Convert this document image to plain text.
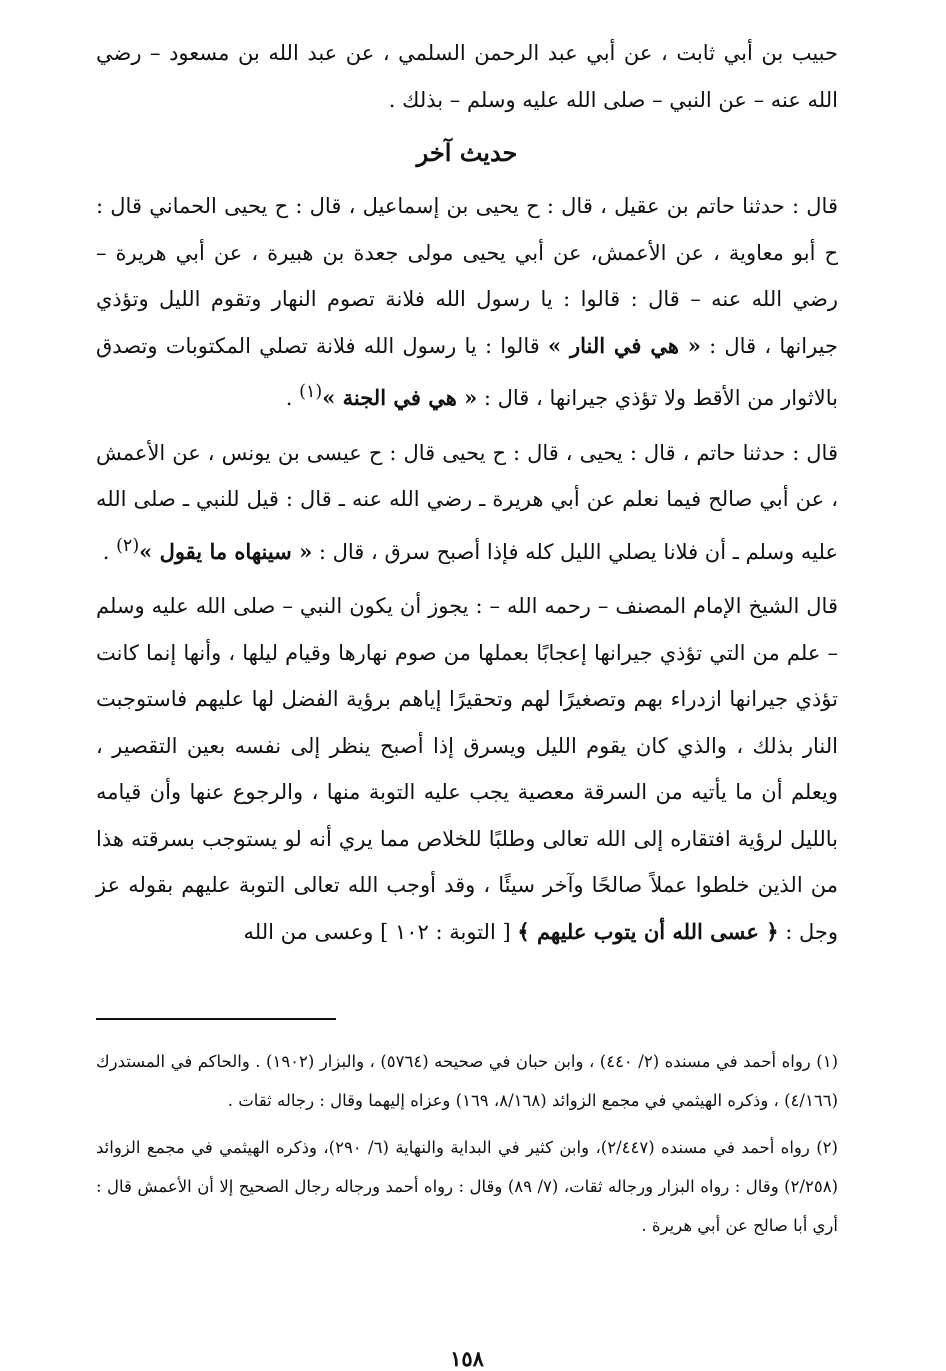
حبيب بن أبي ثابت ، عن أبي عبد الرحمن السلمي ، عن عبد الله بن مسعود – رضي الله عنه – عن النبي – صلى الله عليه وسلم – بذلك .

حديث آخر

قال : حدثنا حاتم بن عقيل ، قال : ح يحيى بن إسماعيل ، قال : ح يحيى الحماني قال : ح أبو معاوية ، عن الأعمش، عن أبي يحيى مولى جعدة بن هبيرة ، عن أبي هريرة – رضي الله عنه – قال : قالوا : يا رسول الله فلانة تصوم النهار وتقوم الليل وتؤذي جيرانها ، قال : « هي في النار » قالوا : يا رسول الله فلانة تصلي المكتوبات وتصدق بالاثوار من الأقط ولا تؤذي جيرانها ، قال : « هي في الجنة »$^{(١)}$ .

قال : حدثنا حاتم ، قال : يحيى ، قال : ح يحيى قال : ح عيسى بن يونس ، عن الأعمش ، عن أبي صالح فيما نعلم عن أبي هريرة ـ رضي الله عنه ـ قال : قيل للنبي ـ صلى الله عليه وسلم ـ أن فلانا يصلي الليل كله فإذا أصبح سرق ، قال : « سينهاه ما يقول »$^{(٢)}$ .

قال الشيخ الإمام المصنف – رحمه الله – : يجوز أن يكون النبي – صلى الله عليه وسلم – علم من التي تؤذي جيرانها إعجابًا بعملها من صوم نهارها وقيام ليلها ، وأنها إنما كانت تؤذي جيرانها ازدراء بهم وتصغيرًا لهم وتحقيرًا إياهم برؤية الفضل لها عليهم فاستوجبت النار بذلك ، والذي كان يقوم الليل ويسرق إذا أصبح ينظر إلى نفسه بعين التقصير ، ويعلم أن ما يأتيه من السرقة معصية يجب عليه التوبة منها ، والرجوع عنها وأن قيامه بالليل لرؤية افتقاره إلى الله تعالى وطلبًا للخلاص مما يري أنه لو يستوجب بسرقته هذا من الذين خلطوا عملاً صالحًا وآخر سيئًا ، وقد أوجب الله تعالى التوبة عليهم بقوله عز وجل : ﴿ عسى الله أن يتوب عليهم ﴾ [ التوبة : ١٠٢ ] وعسى من الله

(١) رواه أحمد في مسنده (٢/ ٤٤٠) ، وابن حبان في صحيحه (٥٧٦٤) ، والبزار (١٩٠٢) . والحاكم في المستدرك (٤/١٦٦) ، وذكره الهيثمي في مجمع الزوائد (٨/١٦٨، ١٦٩) وعزاه إليهما وقال : رجاله ثقات .

(٢) رواه أحمد في مسنده (٢/٤٤٧)، وابن كثير في البداية والنهاية (٦/ ٢٩٠)، وذكره الهيثمي في مجمع الزوائد (٢/٢٥٨) وقال : رواه البزار ورجاله ثقات، (٧/ ٨٩) وقال : رواه أحمد ورجاله رجال الصحيح إلا أن الأعمش قال : أري أبا صالح عن أبي هريرة .

١٥٨
